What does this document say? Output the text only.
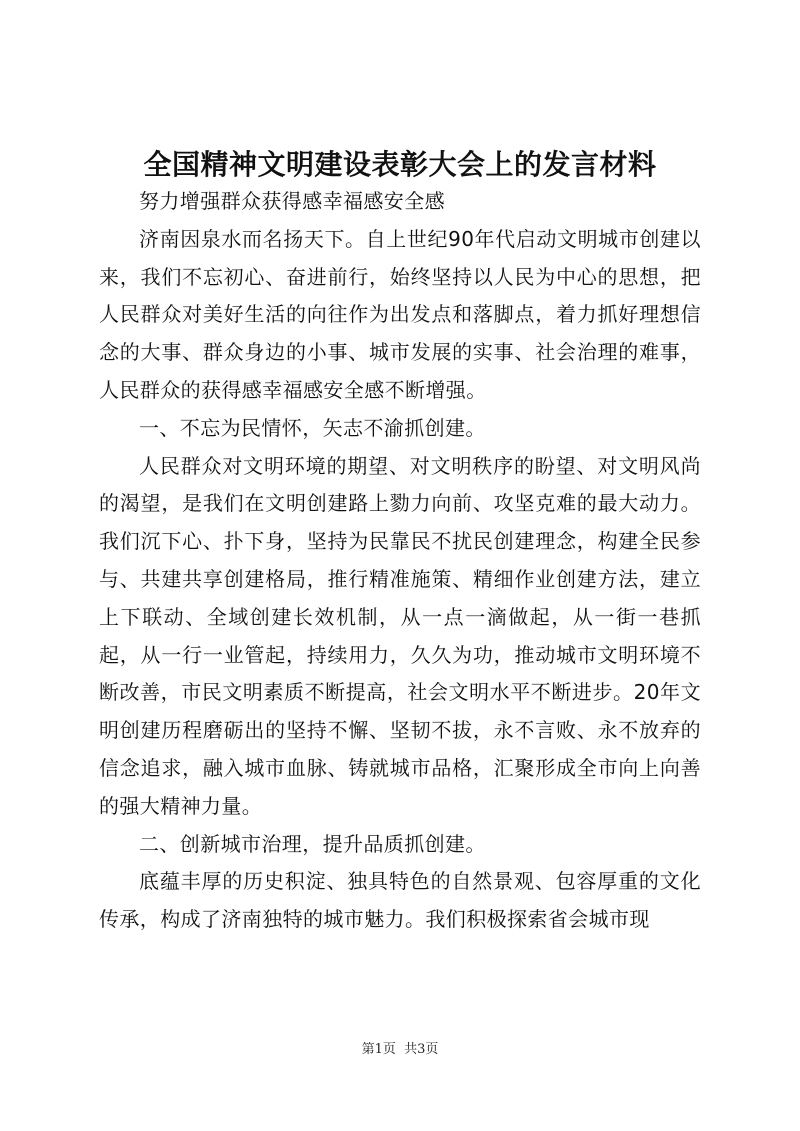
全国精神文明建设表彰大会上的发言材料

努力增强群众获得感幸福感安全感

济南因泉水而名扬天下。自上世纪90年代启动文明城市创建以来，我们不忘初心、奋进前行，始终坚持以人民为中心的思想，把人民群众对美好生活的向往作为出发点和落脚点，着力抓好理想信念的大事、群众身边的小事、城市发展的实事、社会治理的难事，人民群众的获得感幸福感安全感不断增强。

一、不忘为民情怀，矢志不渝抓创建。

人民群众对文明环境的期望、对文明秩序的盼望、对文明风尚的渴望，是我们在文明创建路上勠力向前、攻坚克难的最大动力。我们沉下心、扑下身，坚持为民靠民不扰民创建理念，构建全民参与、共建共享创建格局，推行精准施策、精细作业创建方法，建立上下联动、全域创建长效机制，从一点一滴做起，从一街一巷抓起，从一行一业管起，持续用力，久久为功，推动城市文明环境不断改善，市民文明素质不断提高，社会文明水平不断进步。20年文明创建历程磨砺出的坚持不懈、坚韧不拔，永不言败、永不放弃的信念追求，融入城市血脉、铸就城市品格，汇聚形成全市向上向善的强大精神力量。

二、创新城市治理，提升品质抓创建。

底蕴丰厚的历史积淀、独具特色的自然景观、包容厚重的文化传承，构成了济南独特的城市魅力。我们积极探索省会城市现

第1页  共3页
